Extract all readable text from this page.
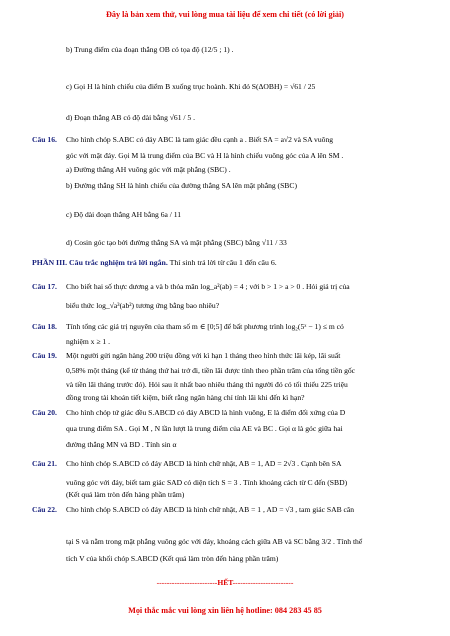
Đây là bản xem thử, vui lòng mua tài liệu để xem chi tiết (có lời giải)
b) Trung điểm của đoạn thẳng OB có tọa độ (12/5 ; 1) .
c) Gọi H là hình chiếu của điểm B xuống trục hoành. Khi đó S(ΔOBH) = √61 / 25
d) Đoạn thẳng AB có độ dài bằng √61 / 5 .
Câu 16. Cho hình chóp S.ABC có đáy ABC là tam giác đều cạnh a . Biết SA = a√2 và SA vuông
góc với mặt đáy. Gọi M là trung điểm của BC và H là hình chiếu vuông góc của A lên SM .
a) Đường thẳng AH vuông góc với mặt phẳng (SBC) .
b) Đường thẳng SH là hình chiếu của đường thẳng SA lên mặt phẳng (SBC)
c) Độ dài đoạn thẳng AH bằng 6a / 11
d) Cosin góc tạo bởi đường thẳng SA và mặt phẳng (SBC) bằng √11 / 33
PHẦN III. Câu trắc nghiệm trả lời ngắn. Thí sinh trả lời từ câu 1 đến câu 6.
Câu 17. Cho biết hai số thực dương a và b thỏa mãn log_a²(ab) = 4 ; với b > 1 > a > 0 . Hỏi giá trị của
biểu thức log_√a³(ab²) tương ứng bằng bao nhiêu?
Câu 18. Tính tổng các giá trị nguyên của tham số m ∈ [0;5] để bất phương trình log₂(5ˣ − 1) ≤ m có
nghiệm x ≥ 1 .
Câu 19. Một người gửi ngân hàng 200 triệu đồng với kì hạn 1 tháng theo hình thức lãi kép, lãi suất
0,58% một tháng (kể từ tháng thứ hai trở đi, tiền lãi được tính theo phần trăm của tổng tiền gốc
và tiền lãi tháng trước đó). Hỏi sau ít nhất bao nhiêu tháng thì người đó có tối thiểu 225 triệu
đồng trong tài khoản tiết kiệm, biết rằng ngân hàng chỉ tính lãi khi đến kì hạn?
Câu 20. Cho hình chóp tứ giác đều S.ABCD có đáy ABCD là hình vuông, E là điểm đối xứng của D
qua trung điểm SA . Gọi M , N lần lượt là trung điểm của AE và BC . Gọi α là góc giữa hai
đường thẳng MN và BD . Tính sin α
Câu 21. Cho hình chóp S.ABCD có đáy ABCD là hình chữ nhật, AB = 1, AD = 2√3 . Cạnh bên SA
vuông góc với đáy, biết tam giác SAD có diện tích S = 3 . Tính khoảng cách từ C đến (SBD)
(Kết quả làm tròn đến hàng phần trăm)
Câu 22. Cho hình chóp S.ABCD có đáy ABCD là hình chữ nhật, AB = 1 , AD = √3 , tam giác SAB cân
tại S và nằm trong mặt phẳng vuông góc với đáy, khoảng cách giữa AB và SC bằng 3/2 . Tính thể
tích V của khối chóp S.ABCD (Kết quả làm tròn đến hàng phần trăm)
------------------------HẾT------------------------
Mọi thắc mắc vui lòng xin liên hệ hotline: 084 283 45 85
